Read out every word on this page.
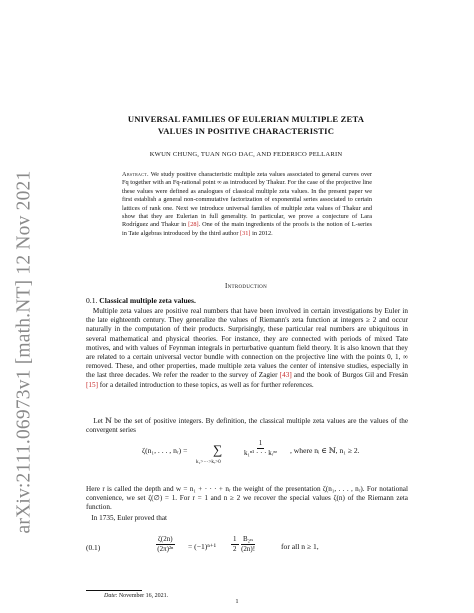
arXiv:2111.06973v1 [math.NT] 12 Nov 2021
UNIVERSAL FAMILIES OF EULERIAN MULTIPLE ZETA
VALUES IN POSITIVE CHARACTERISTIC
KWUN CHUNG, TUAN NGO DAC, AND FEDERICO PELLARIN
Abstract. We study positive characteristic multiple zeta values associated to general curves over Fq together with an Fq-rational point ∞ as introduced by Thakur. For the case of the projective line these values were defined as analogues of classical multiple zeta values. In the present paper we first establish a general non-commutative factorization of exponential series associated to certain lattices of rank one. Next we introduce universal families of multiple zeta values of Thakur and show that they are Eulerian in full generality. In particular, we prove a conjecture of Lara Rodríguez and Thakur in [28]. One of the main ingredients of the proofs is the notion of L-series in Tate algebras introduced by the third author [31] in 2012.
Introduction
0.1. Classical multiple zeta values.
Multiple zeta values are positive real numbers that have been involved in certain investigations by Euler in the late eighteenth century. They generalize the values of Riemann's zeta function at integers ≥ 2 and occur naturally in the computation of their products. Surprisingly, these particular real numbers are ubiquitous in several mathematical and physical theories. For instance, they are connected with periods of mixed Tate motives, and with values of Feynman integrals in perturbative quantum field theory. It is also known that they are related to a certain universal vector bundle with connection on the projective line with the points 0, 1, ∞ removed. These, and other properties, made multiple zeta values the center of intensive studies, especially in the last three decades. We refer the reader to the survey of Zagier [43] and the book of Burgos Gil and Fresán [15] for a detailed introduction to these topics, as well as for further references.
Let ℕ be the set of positive integers. By definition, the classical multiple zeta values are the values of the convergent series
ζ(n₁, . . . , nᵣ) = ∑
k₁>···>kᵣ>0
1
k₁ⁿ¹ · · · kᵣⁿʳ , where nᵢ ∈ ℕ, n₁ ≥ 2.
Here r is called the depth and w = n₁ + · · · + nᵣ the weight of the presentation ζ(n₁, . . . , nᵣ). For notational convenience, we set ζ(∅) = 1. For r = 1 and n ≥ 2 we recover the special values ζ(n) of the Riemann zeta function.
In 1735, Euler proved that
(0.1)	$\frac{\zeta(2n)}{\text{(2π)²ⁿ}} = (-1)^{n+1} \frac{1}{2} \frac{\text{B₂ₙ}}{(2n)!}$	for all n ≥ 1,
Date: November 16, 2021.
1
